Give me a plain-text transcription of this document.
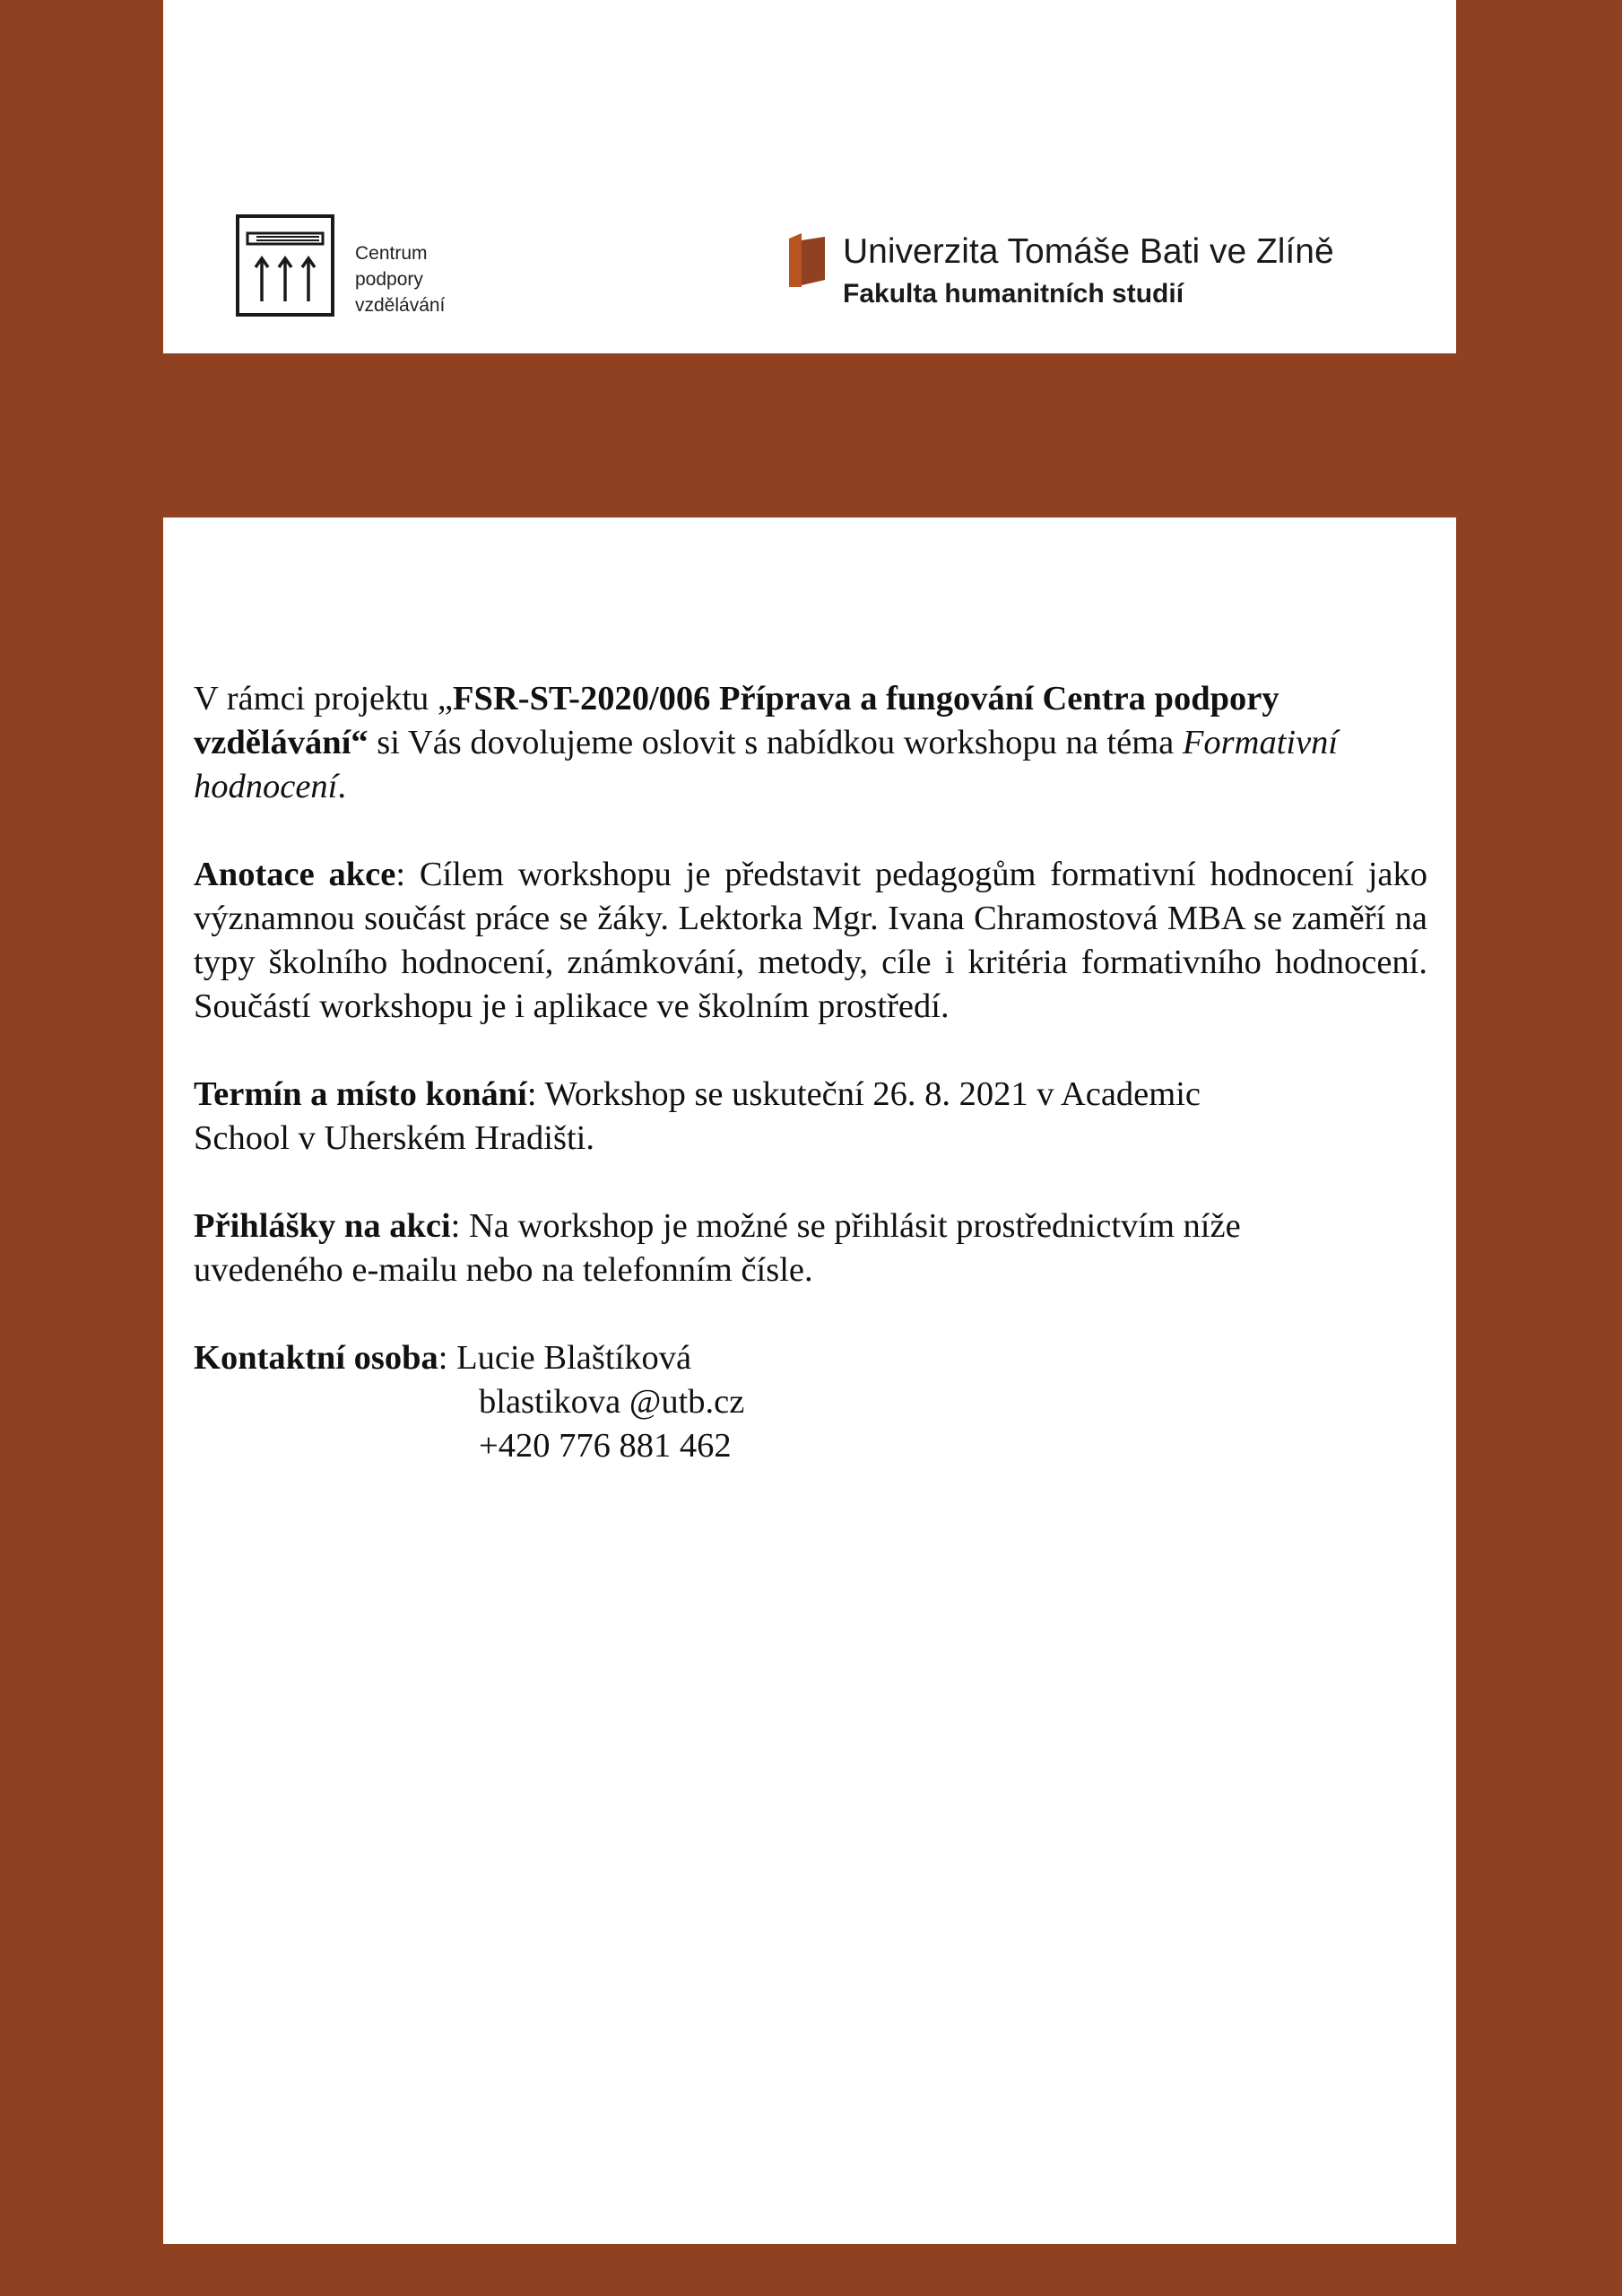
Centrum
podpory
vzdělávání
Univerzita Tomáše Bati ve Zlíně
Fakulta humanitních studií

V rámci projektu „FSR-ST-2020/006 Příprava a fungování Centra podpory vzdělávání“ si Vás dovolujeme oslovit s nabídkou workshopu na téma Formativní hodnocení.

Anotace akce: Cílem workshopu je představit pedagogům formativní hodnocení jako významnou součást práce se žáky. Lektorka Mgr. Ivana Chramostová MBA se zaměří na typy školního hodnocení, známkování, metody, cíle i kritéria formativního hodnocení. Součástí workshopu je i aplikace ve školním prostředí.

Termín a místo konání: Workshop se uskuteční 26. 8. 2021 v Academic
School v Uherském Hradišti.

Přihlášky na akci: Na workshop je možné se přihlásit prostřednictvím níže
uvedeného e-mailu nebo na telefonním čísle.

Kontaktní osoba: Lucie Blaštíková
blastikova @utb.cz
+420 776 881 462
